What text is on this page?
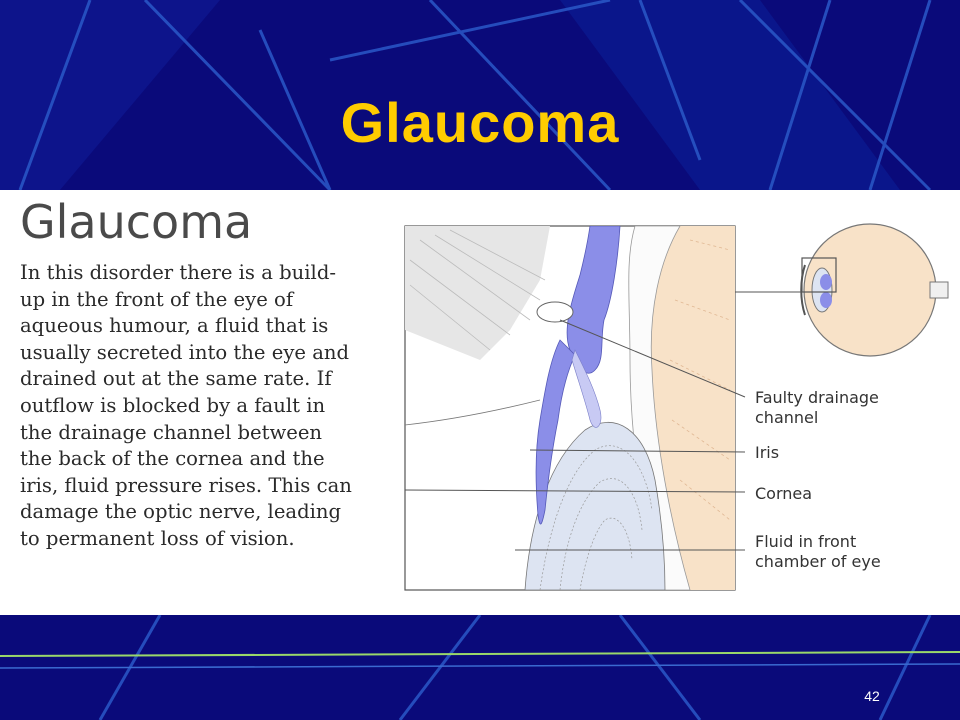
Glaucoma
Glaucoma

In this disorder there is a build-
up in the front of the eye of
aqueous humour, a fluid that is
usually secreted into the eye and
drained out at the same rate. If
outflow is blocked by a fault in
the drainage channel between
the back of the cornea and the
iris, fluid pressure rises. This can
damage the optic nerve, leading
to permanent loss of vision.

Faulty drainage
channel
Iris
Cornea
Fluid in front
chamber of eye
42
